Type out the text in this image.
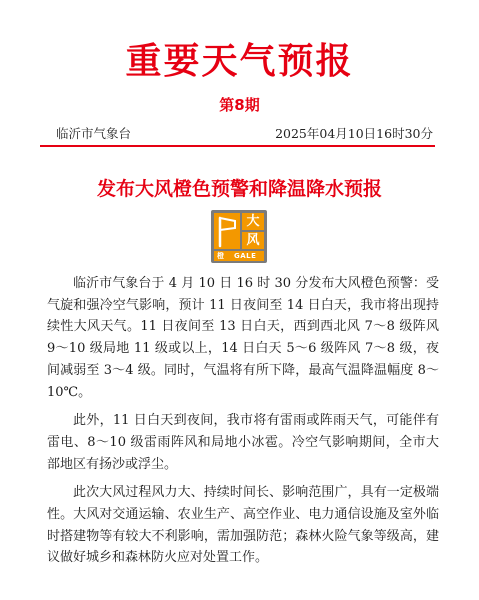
重要天气预报
第8期
临沂市气象台	2025年04月10日16时30分
发布大风橙色预警和降温降水预报
大
风
橙 GALE

临沂市气象台于 4 月 10 日 16 时 30 分发布大风橙色预警：受气旋和强冷空气影响，预计 11 日夜间至 14 日白天，我市将出现持续性大风天气。11 日夜间至 13 日白天，西到西北风 7～8 级阵风 9～10 级局地 11 级或以上，14 日白天 5～6 级阵风 7～8 级，夜间减弱至 3～4 级。同时，气温将有所下降，最高气温降温幅度 8～10℃。

此外，11 日白天到夜间，我市将有雷雨或阵雨天气，可能伴有雷电、8～10 级雷雨阵风和局地小冰雹。冷空气影响期间，全市大部地区有扬沙或浮尘。

此次大风过程风力大、持续时间长、影响范围广，具有一定极端性。大风对交通运输、农业生产、高空作业、电力通信设施及室外临时搭建物等有较大不利影响，需加强防范；森林火险气象等级高，建议做好城乡和森林防火应对处置工作。
